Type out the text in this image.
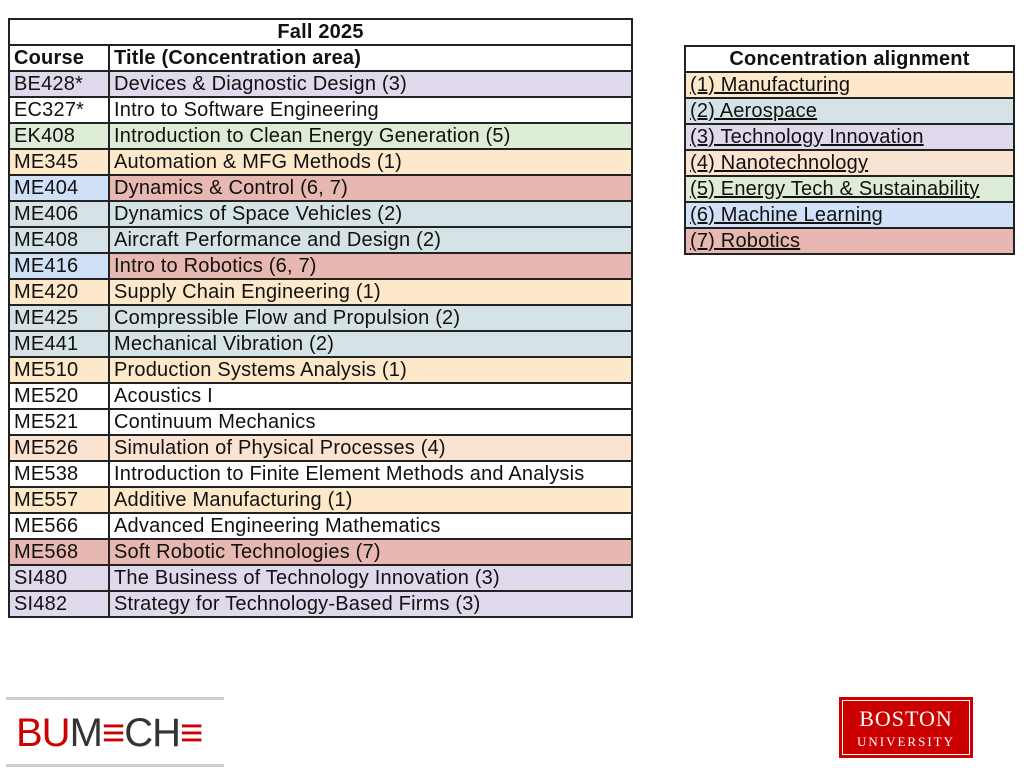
Fall 2025	
Course	Title (Concentration area)
BE428*	Devices & Diagnostic Design (3)
EC327*	Intro to Software Engineering
EK408	Introduction to Clean Energy Generation (5)
ME345	Automation & MFG Methods (1)
ME404	Dynamics & Control (6, 7)
ME406	Dynamics of Space Vehicles (2)
ME408	Aircraft Performance and Design (2)
ME416	Intro to Robotics (6, 7)
ME420	Supply Chain Engineering (1)
ME425	Compressible Flow and Propulsion (2)
ME441	Mechanical Vibration (2)
ME510	Production Systems Analysis (1)
ME520	Acoustics I
ME521	Continuum Mechanics
ME526	Simulation of Physical Processes (4)
ME538	Introduction to Finite Element Methods and Analysis
ME557	Additive Manufacturing (1)
ME566	Advanced Engineering Mathematics
ME568	Soft Robotic Technologies (7)
SI480	The Business of Technology Innovation (3)
SI482	Strategy for Technology-Based Firms (3)
Concentration alignment
(1) Manufacturing
(2) Aerospace
(3) Technology Innovation
(4) Nanotechnology
(5) Energy Tech & Sustainability
(6) Machine Learning
(7) Robotics
BUM≡CH≡	BOSTON
UNIVERSITY
